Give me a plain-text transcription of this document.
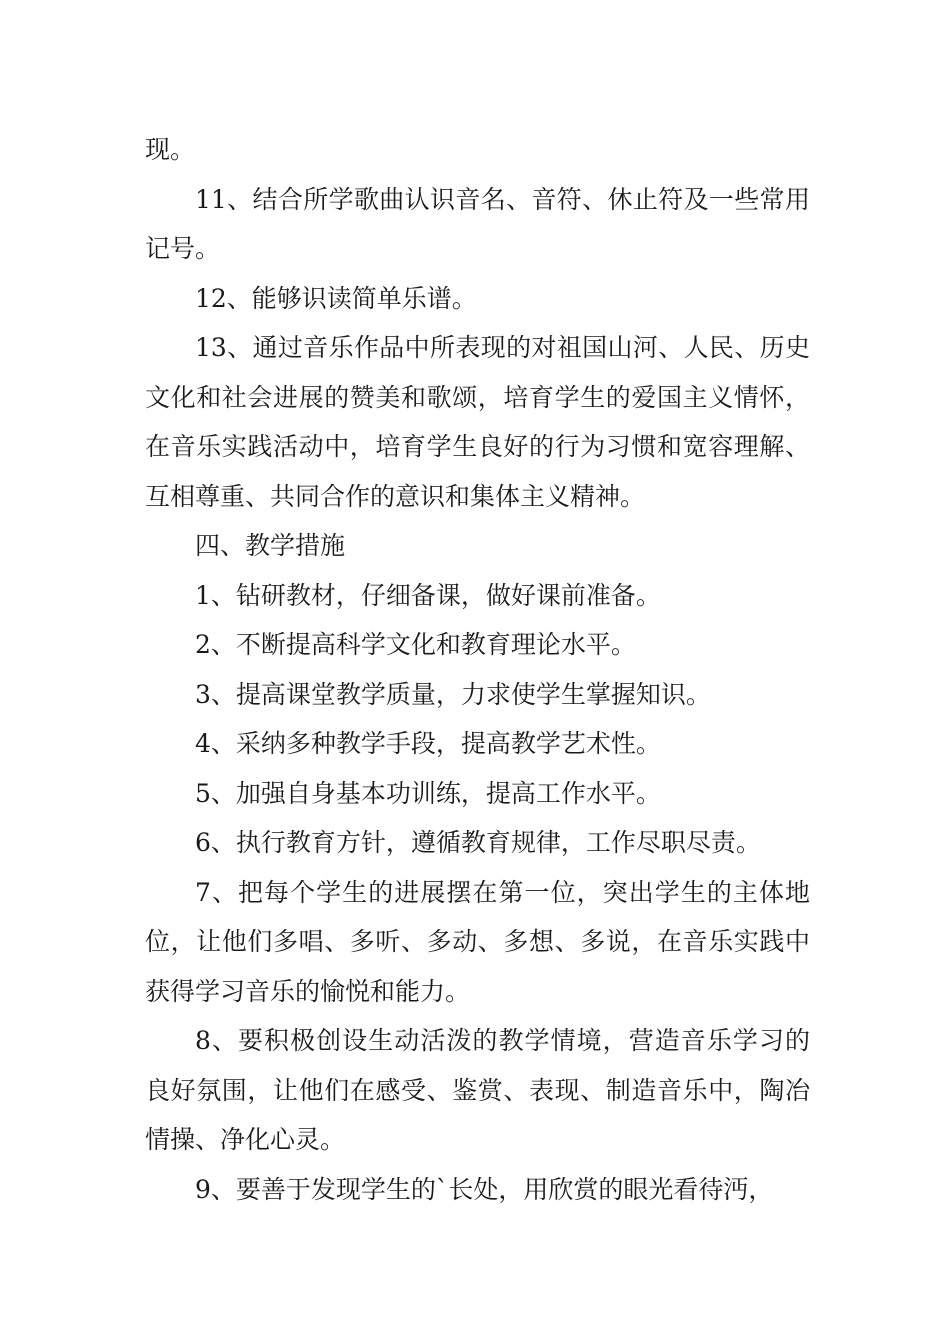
现。

11、结合所学歌曲认识音名、音符、休止符及一些常用记号。

12、能够识读简单乐谱。

13、通过音乐作品中所表现的对祖国山河、人民、历史文化和社会进展的赞美和歌颂，培育学生的爱国主义情怀，在音乐实践活动中，培育学生良好的行为习惯和宽容理解、互相尊重、共同合作的意识和集体主义精神。

四、教学措施

1、钻研教材，仔细备课，做好课前准备。

2、不断提高科学文化和教育理论水平。

3、提高课堂教学质量，力求使学生掌握知识。

4、采纳多种教学手段，提高教学艺术性。

5、加强自身基本功训练，提高工作水平。

6、执行教育方针，遵循教育规律，工作尽职尽责。

7、把每个学生的进展摆在第一位，突出学生的主体地位，让他们多唱、多听、多动、多想、多说，在音乐实践中获得学习音乐的愉悦和能力。

8、要积极创设生动活泼的教学情境，营造音乐学习的良好氛围，让他们在感受、鉴赏、表现、制造音乐中，陶冶情操、净化心灵。

9、要善于发现学生的`长处，用欣赏的眼光看待沔，
